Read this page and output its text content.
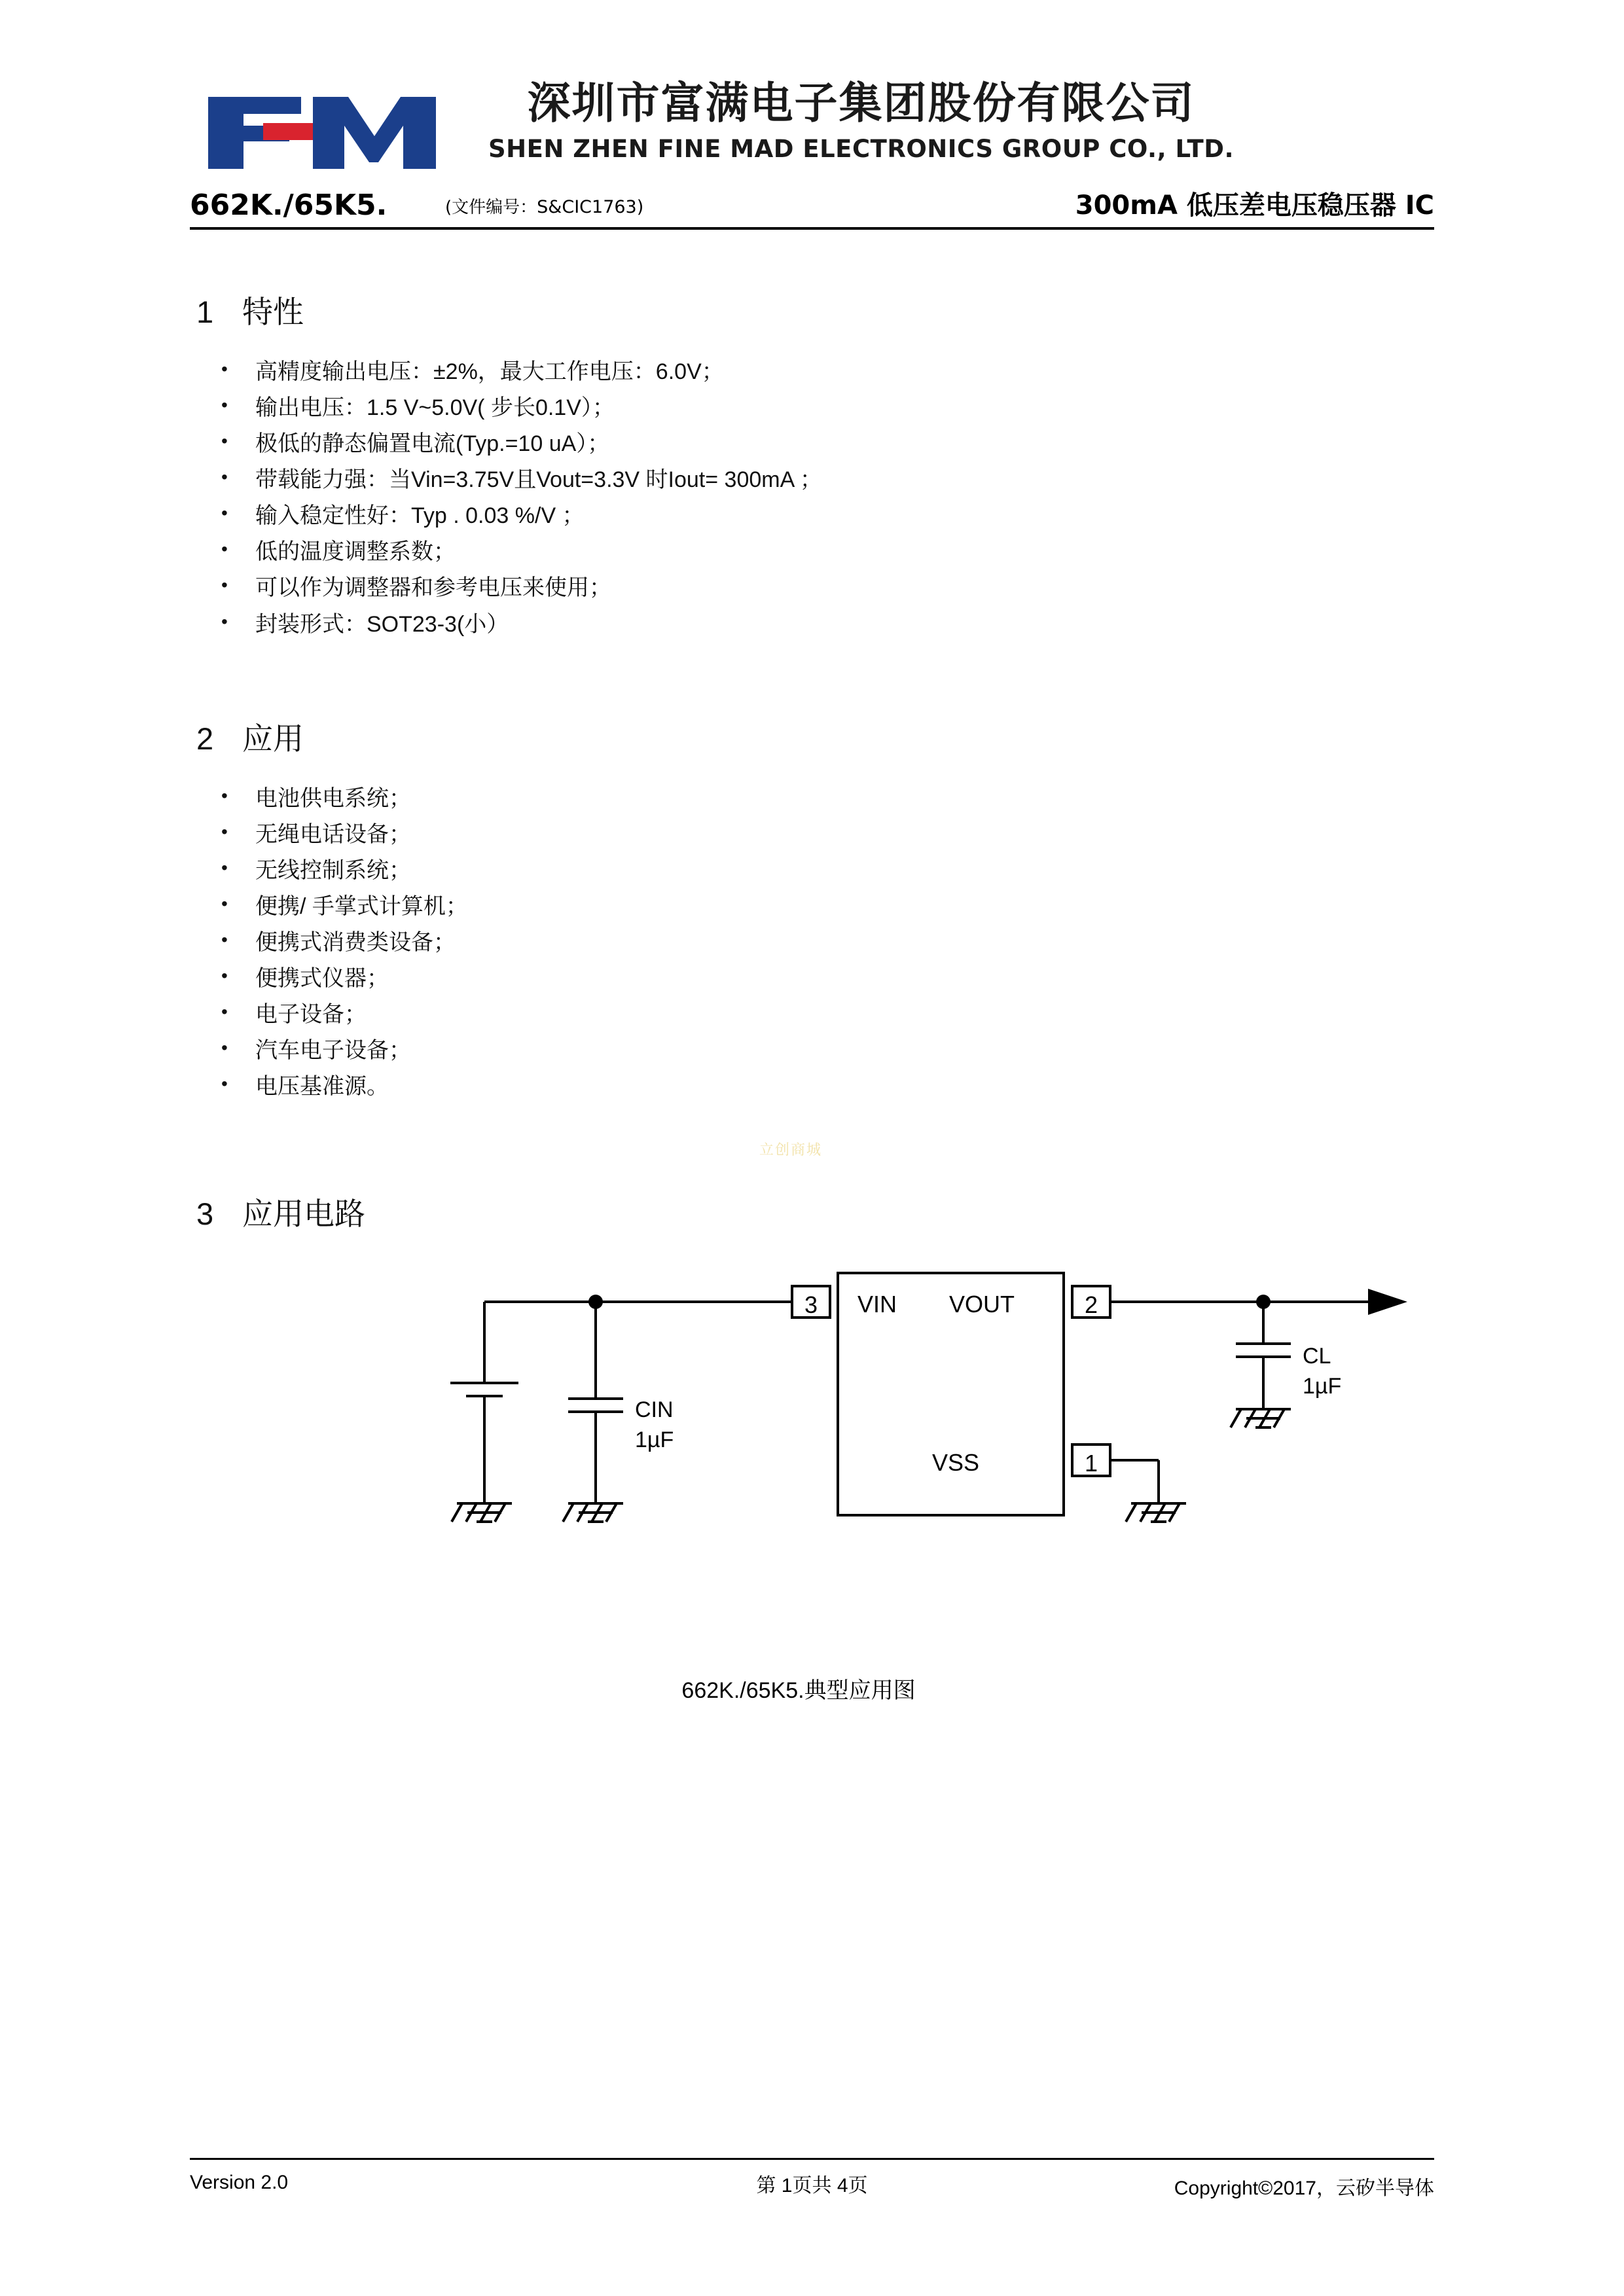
深圳市富满电子集团股份有限公司
SHEN ZHEN FINE MAD ELECTRONICS GROUP CO., LTD.
662K./65K5.	(文件编号：S&CIC1763)	300mA 低压差电压稳压器 IC
1 特性
• 高精度输出电压：±2%，最大工作电压：6.0V；
• 输出电压：1.5 V~5.0V( 步长0.1V）；
• 极低的静态偏置电流(Typ.=10 uA）；
• 带载能力强：当Vin=3.75V且Vout=3.3V 时Iout= 300mA ；
• 输入稳定性好：Typ . 0.03 %/V ；
• 低的温度调整系数；
• 可以作为调整器和参考电压来使用；
• 封装形式：SOT23-3(小）
2 应用
• 电池供电系统；
• 无绳电话设备；
• 无线控制系统；
• 便携/ 手掌式计算机；
• 便携式消费类设备；
• 便携式仪器；
• 电子设备；
• 汽车电子设备；
• 电压基准源。
立创商城
3 应用电路
3	2
1
VIN VOUT
VSS
CIN
1µF
CL
1µF
662K./65K5.典型应用图
Version 2.0	第 1页共 4页	Copyright©2017，云矽半导体
